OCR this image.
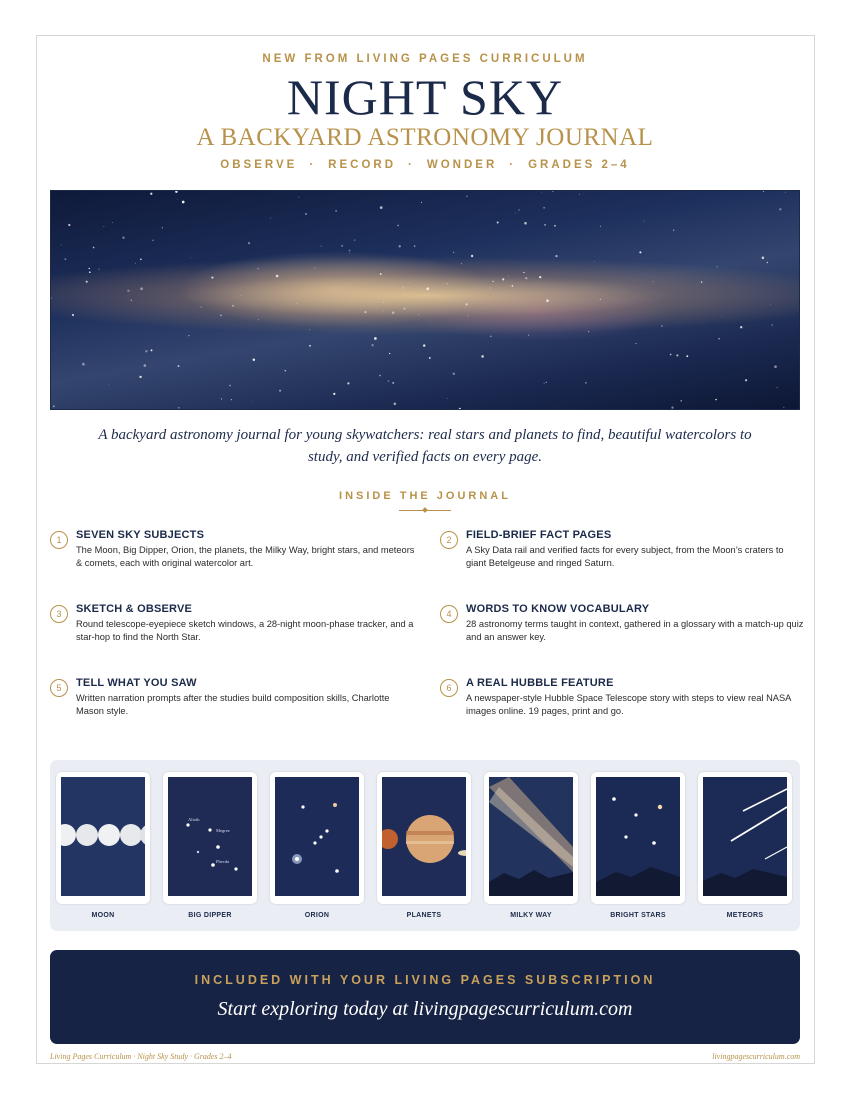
NEW FROM LIVING PAGES CURRICULUM
NIGHT SKY
A BACKYARD ASTRONOMY JOURNAL
OBSERVE · RECORD · WONDER · GRADES 2–4
A backyard astronomy journal for young skywatchers: real stars and planets to find, beautiful watercolors to study, and verified facts on every page.
INSIDE THE JOURNAL
1	SEVEN SKY SUBJECTS
The Moon, Big Dipper, Orion, the planets, the Milky Way, bright stars, and meteors & comets, each with original watercolor art.
2	FIELD-BRIEF FACT PAGES
A Sky Data rail and verified facts for every subject, from the Moon’s craters to giant Betelgeuse and ringed Saturn.
3	SKETCH & OBSERVE
Round telescope-eyepiece sketch windows, a 28-night moon-phase tracker, and a star-hop to find the North Star.
4	WORDS TO KNOW VOCABULARY
28 astronomy terms taught in context, gathered in a glossary with a match-up quiz and an answer key.
5	TELL WHAT YOU SAW
Written narration prompts after the studies build composition skills, Charlotte Mason style.
6	A REAL HUBBLE FEATURE
A newspaper-style Hubble Space Telescope story with steps to view real NASA images online. 19 pages, print and go.
Alioth
Megrez
Phecda
MOON	BIG DIPPER	ORION	PLANETS	MILKY WAY	BRIGHT STARS	METEORS
INCLUDED WITH YOUR LIVING PAGES SUBSCRIPTION
Start exploring today at livingpagescurriculum.com
Living Pages Curriculum · Night Sky Study · Grades 2–4	livingpagescurriculum.com
